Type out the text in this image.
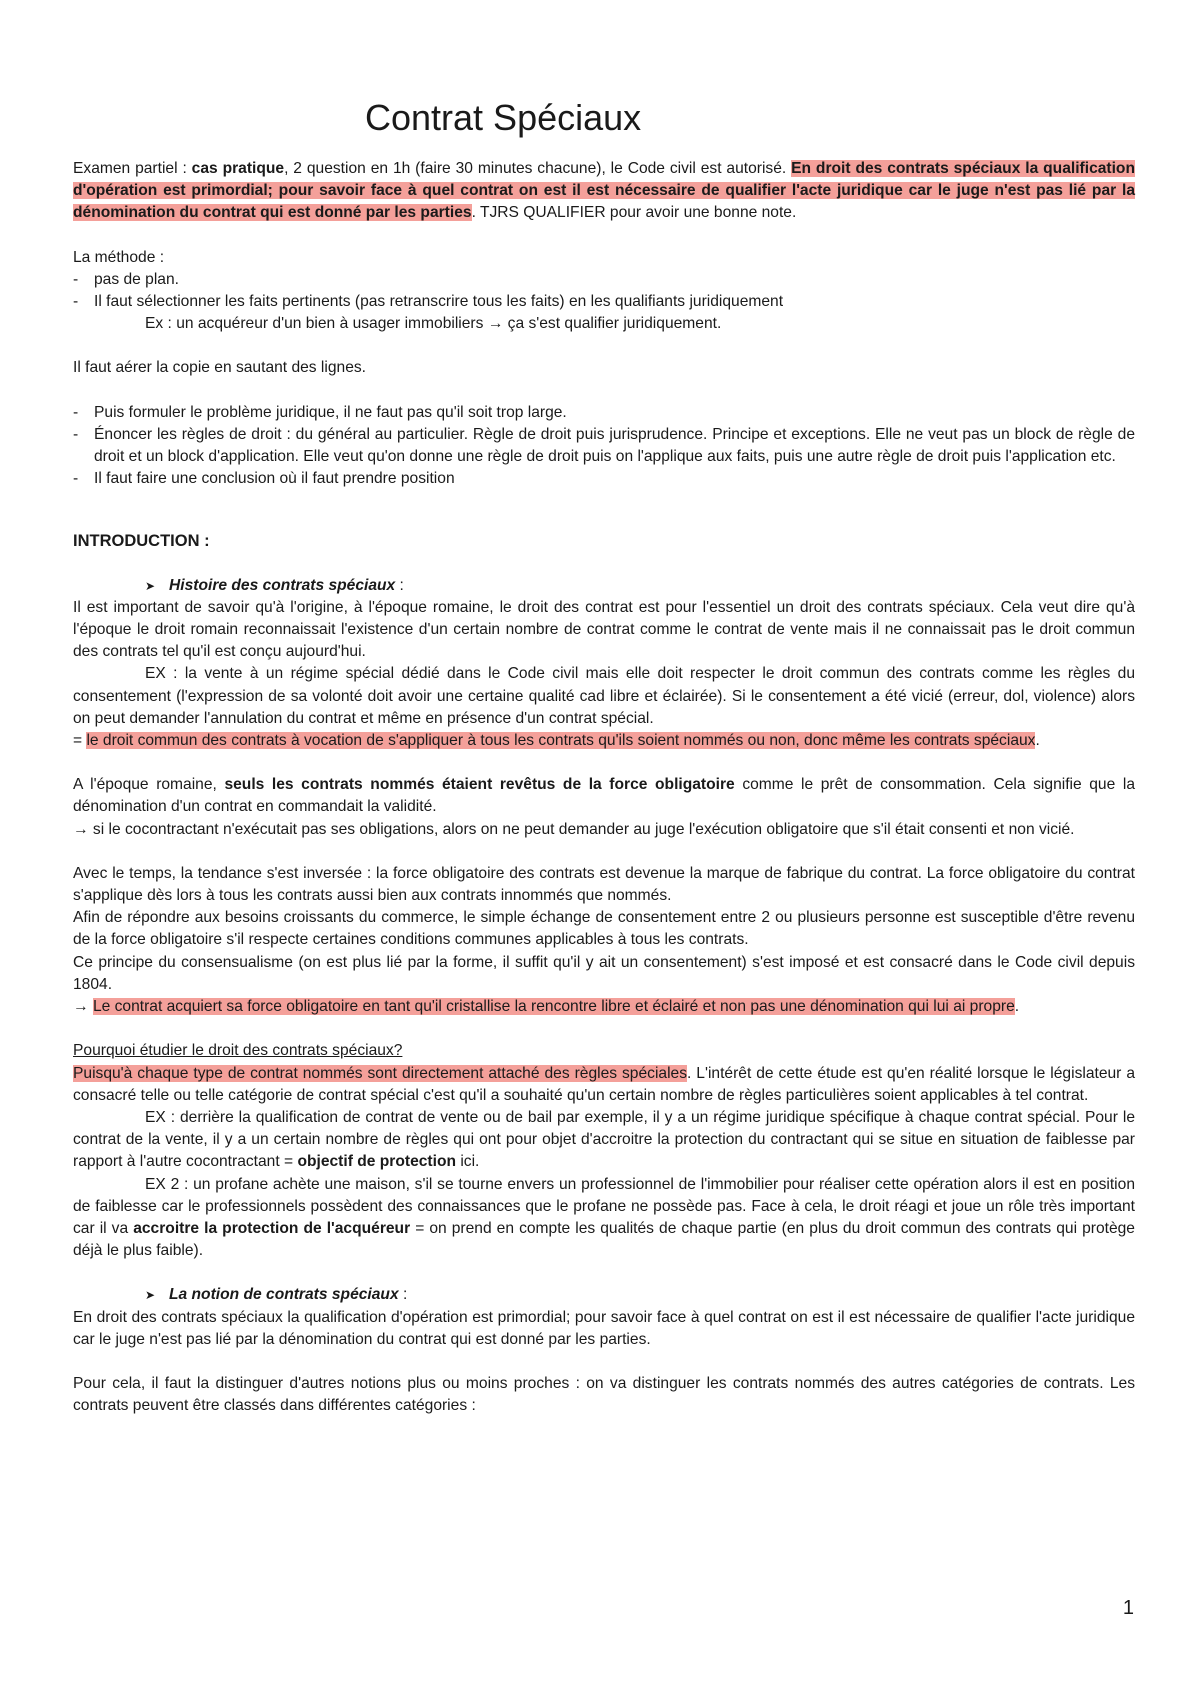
Contrat Spéciaux

Examen partiel : cas pratique, 2 question en 1h (faire 30 minutes chacune), le Code civil est autorisé. En droit des contrats spéciaux la qualification d'opération est primordial; pour savoir face à quel contrat on est il est nécessaire de qualifier l'acte juridique car le juge n'est pas lié par la dénomination du contrat qui est donné par les parties. TJRS QUALIFIER pour avoir une bonne note.

La méthode :

- pas de plan.
- Il faut sélectionner les faits pertinents (pas retranscrire tous les faits) en les qualifiants juridiquement

Ex : un acquéreur d'un bien à usager immobiliers → ça s'est qualifier juridiquement.

Il faut aérer la copie en sautant des lignes.

- Puis formuler le problème juridique, il ne faut pas qu'il soit trop large.
- Énoncer les règles de droit : du général au particulier. Règle de droit puis jurisprudence. Principe et exceptions. Elle ne veut pas un block de règle de droit et un block d'application. Elle veut qu'on donne une règle de droit puis on l'applique aux faits, puis une autre règle de droit puis l'application etc.
- Il faut faire une conclusion où il faut prendre position

INTRODUCTION :

➤ Histoire des contrats spéciaux :

Il est important de savoir qu'à l'origine, à l'époque romaine, le droit des contrat est pour l'essentiel un droit des contrats spéciaux. Cela veut dire qu'à l'époque le droit romain reconnaissait l'existence d'un certain nombre de contrat comme le contrat de vente mais il ne connaissait pas le droit commun des contrats tel qu'il est conçu aujourd'hui.

EX : la vente à un régime spécial dédié dans le Code civil mais elle doit respecter le droit commun des contrats comme les règles du consentement (l'expression de sa volonté doit avoir une certaine qualité cad libre et éclairée). Si le consentement a été vicié (erreur, dol, violence) alors on peut demander l'annulation du contrat et même en présence d'un contrat spécial.

= le droit commun des contrats à vocation de s'appliquer à tous les contrats qu'ils soient nommés ou non, donc même les contrats spéciaux.

A l'époque romaine, seuls les contrats nommés étaient revêtus de la force obligatoire comme le prêt de consommation. Cela signifie que la dénomination d'un contrat en commandait la validité.

→ si le cocontractant n'exécutait pas ses obligations, alors on ne peut demander au juge l'exécution obligatoire que s'il était consenti et non vicié.

Avec le temps, la tendance s'est inversée : la force obligatoire des contrats est devenue la marque de fabrique du contrat. La force obligatoire du contrat s'applique dès lors à tous les contrats aussi bien aux contrats innommés que nommés.

Afin de répondre aux besoins croissants du commerce, le simple échange de consentement entre 2 ou plusieurs personne est susceptible d'être revenu de la force obligatoire s'il respecte certaines conditions communes applicables à tous les contrats.

Ce principe du consensualisme (on est plus lié par la forme, il suffit qu'il y ait un consentement) s'est imposé et est consacré dans le Code civil depuis 1804.

→ Le contrat acquiert sa force obligatoire en tant qu'il cristallise la rencontre libre et éclairé et non pas une dénomination qui lui ai propre.

Pourquoi étudier le droit des contrats spéciaux?

Puisqu'à chaque type de contrat nommés sont directement attaché des règles spéciales. L'intérêt de cette étude est qu'en réalité lorsque le législateur a consacré telle ou telle catégorie de contrat spécial c'est qu'il a souhaité qu'un certain nombre de règles particulières soient applicables à tel contrat.

EX : derrière la qualification de contrat de vente ou de bail par exemple, il y a un régime juridique spécifique à chaque contrat spécial. Pour le contrat de la vente, il y a un certain nombre de règles qui ont pour objet d'accroitre la protection du contractant qui se situe en situation de faiblesse par rapport à l'autre cocontractant = objectif de protection ici.

EX 2 : un profane achète une maison, s'il se tourne envers un professionnel de l'immobilier pour réaliser cette opération alors il est en position de faiblesse car le professionnels possèdent des connaissances que le profane ne possède pas. Face à cela, le droit réagi et joue un rôle très important car il va accroitre la protection de l'acquéreur = on prend en compte les qualités de chaque partie (en plus du droit commun des contrats qui protège déjà le plus faible).

➤ La notion de contrats spéciaux :

En droit des contrats spéciaux la qualification d'opération est primordial; pour savoir face à quel contrat on est il est nécessaire de qualifier l'acte juridique car le juge n'est pas lié par la dénomination du contrat qui est donné par les parties.

Pour cela, il faut la distinguer d'autres notions plus ou moins proches : on va distinguer les contrats nommés des autres catégories de contrats. Les contrats peuvent être classés dans différentes catégories :

1
